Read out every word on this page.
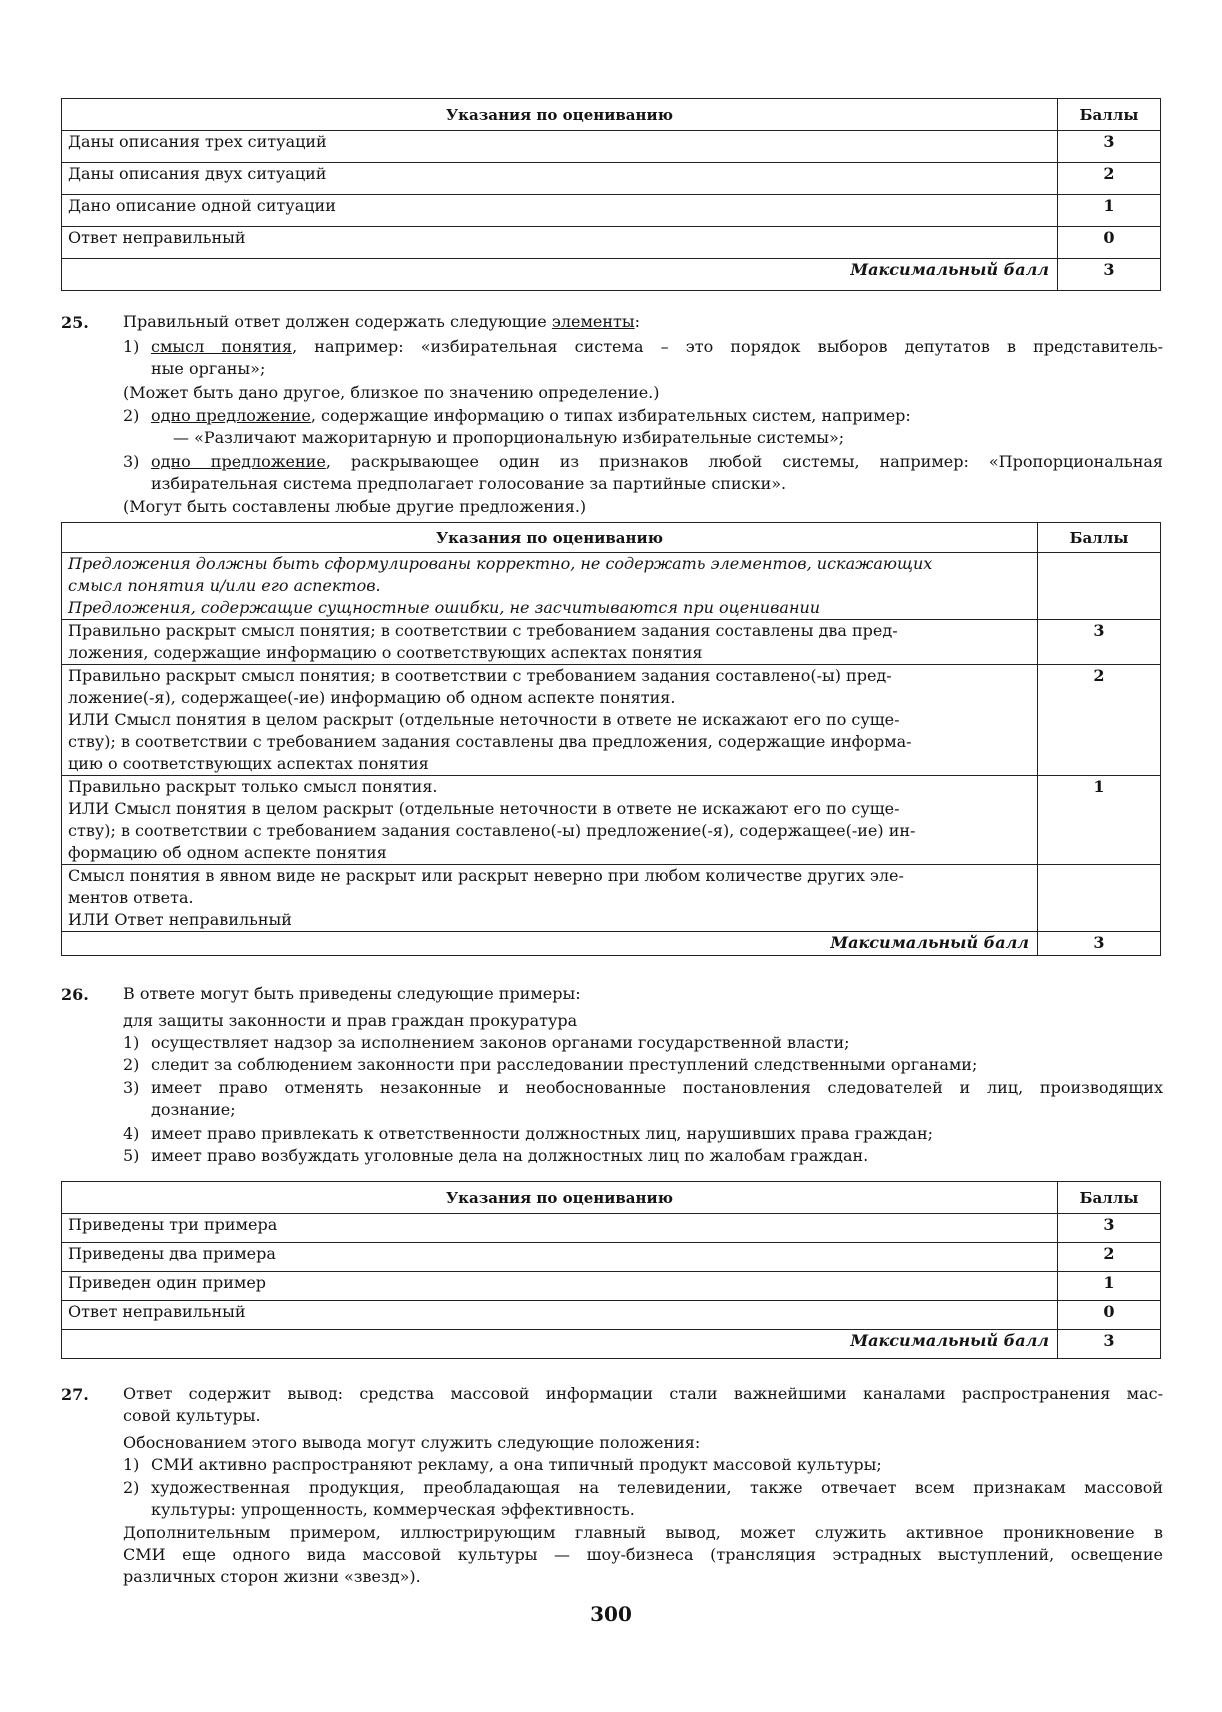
Указания по оцениванию	Баллы
Даны описания трех ситуаций	3
Даны описания двух ситуаций	2
Дано описание одной ситуации	1
Ответ неправильный	0
Максимальный балл	3
25. Правильный ответ должен содержать следующие элементы:
1) смысл понятия, например: «избирательная система – это порядок выборов депутатов в представитель-
ные органы»;
(Может быть дано другое, близкое по значению определение.)
2) одно предложение, содержащие информацию о типах избирательных систем, например:
— «Различают мажоритарную и пропорциональную избирательные системы»;
3) одно предложение, раскрывающее один из признаков любой системы, например: «Пропорциональная
избирательная система предполагает голосование за партийные списки».
(Могут быть составлены любые другие предложения.)
Указания по оцениванию	Баллы

Предложения должны быть сформулированы корректно, не содержать элементов, искажающих
смысл понятия и/или его аспектов.
Предложения, содержащие сущностные ошибки, не засчитываются при оценивании	

Правильно раскрыт смысл понятия; в соответствии с требованием задания составлены два пред-
ложения, содержащие информацию о соответствующих аспектах понятия	3

Правильно раскрыт смысл понятия; в соответствии с требованием задания составлено(-ы) пред-
ложение(-я), содержащее(-ие) информацию об одном аспекте понятия.
ИЛИ Смысл понятия в целом раскрыт (отдельные неточности в ответе не искажают его по суще-
ству); в соответствии с требованием задания составлены два предложения, содержащие информа-
цию о соответствующих аспектах понятия	2

Правильно раскрыт только смысл понятия.
ИЛИ Смысл понятия в целом раскрыт (отдельные неточности в ответе не искажают его по суще-
ству); в соответствии с требованием задания составлено(-ы) предложение(-я), содержащее(-ие) ин-
формацию об одном аспекте понятия	1

Смысл понятия в явном виде не раскрыт или раскрыт неверно при любом количестве других эле-
ментов ответа.
ИЛИ Ответ неправильный	

Максимальный балл	3
26. В ответе могут быть приведены следующие примеры:
для защиты законности и прав граждан прокуратура
1) осуществляет надзор за исполнением законов органами государственной власти;
2) следит за соблюдением законности при расследовании преступлений следственными органами;
3) имеет право отменять незаконные и необоснованные постановления следователей и лиц, производящих
дознание;
4) имеет право привлекать к ответственности должностных лиц, нарушивших права граждан;
5) имеет право возбуждать уголовные дела на должностных лиц по жалобам граждан.
Указания по оцениванию	Баллы
Приведены три примера	3
Приведены два примера	2
Приведен один пример	1
Ответ неправильный	0
Максимальный балл	3
27. Ответ содержит вывод: средства массовой информации стали важнейшими каналами распространения мас-
совой культуры.
Обоснованием этого вывода могут служить следующие положения:
1) СМИ активно распространяют рекламу, а она типичный продукт массовой культуры;
2) художественная продукция, преобладающая на телевидении, также отвечает всем признакам массовой
культуры: упрощенность, коммерческая эффективность.
Дополнительным примером, иллюстрирующим главный вывод, может служить активное проникновение в
СМИ еще одного вида массовой культуры — шоу-бизнеса (трансляция эстрадных выступлений, освещение
различных сторон жизни «звезд»).
300
